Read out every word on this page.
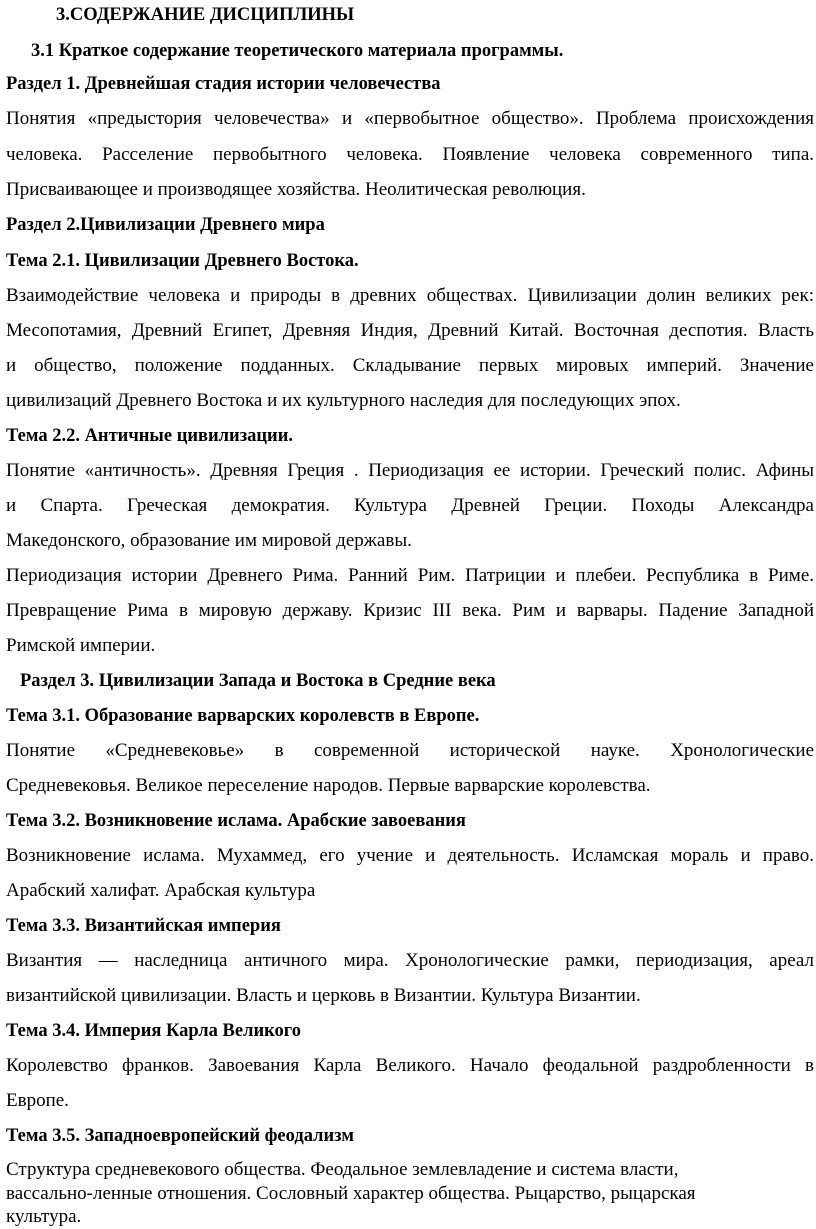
3.СОДЕРЖАНИЕ ДИСЦИПЛИНЫ
3.1 Краткое содержание теоретического материала программы.
Раздел 1. Древнейшая стадия истории человечества
Понятия «предыстория человечества» и «первобытное общество». Проблема происхождения
человека. Расселение первобытного человека. Появление человека современного типа.
Присваивающее и производящее хозяйства. Неолитическая революция.
Раздел 2.Цивилизации Древнего мира
Тема 2.1. Цивилизации Древнего Востока.
Взаимодействие человека и природы в древних обществах. Цивилизации долин великих рек:
Месопотамия, Древний Египет, Древняя Индия, Древний Китай. Восточная деспотия. Власть
и общество, положение подданных. Складывание первых мировых империй. Значение
цивилизаций Древнего Востока и их культурного наследия для последующих эпох.
Тема 2.2. Античные цивилизации.
Понятие «античность». Древняя Греция . Периодизация ее истории. Греческий полис. Афины
и Спарта. Греческая демократия. Культура Древней Греции. Походы Александра
Македонского, образование им мировой державы.
Периодизация истории Древнего Рима. Ранний Рим. Патриции и плебеи. Республика в Риме.
Превращение Рима в мировую державу. Кризис III века. Рим и варвары. Падение Западной
Римской империи.
Раздел 3. Цивилизации Запада и Востока в Средние века
Тема 3.1. Образование варварских королевств в Европе.
Понятие «Средневековье» в современной исторической науке. Хронологические
Средневековья. Великое переселение народов. Первые варварские королевства.
Тема 3.2. Возникновение ислама. Арабские завоевания
Возникновение ислама. Мухаммед, его учение и деятельность. Исламская мораль и право.
Арабский халифат. Арабская культура
Тема 3.3. Византийская империя
Византия — наследница античного мира. Хронологические рамки, периодизация, ареал
византийской цивилизации. Власть и церковь в Византии. Культура Византии.
Тема 3.4. Империя Карла Великого
Королевство франков. Завоевания Карла Великого. Начало феодальной раздробленности в
Европе.
Тема 3.5. Западноевропейский феодализм
Структура средневекового общества. Феодальное землевладение и система власти,
вассально-ленные отношения. Сословный характер общества. Рыцарство, рыцарская
культура.
